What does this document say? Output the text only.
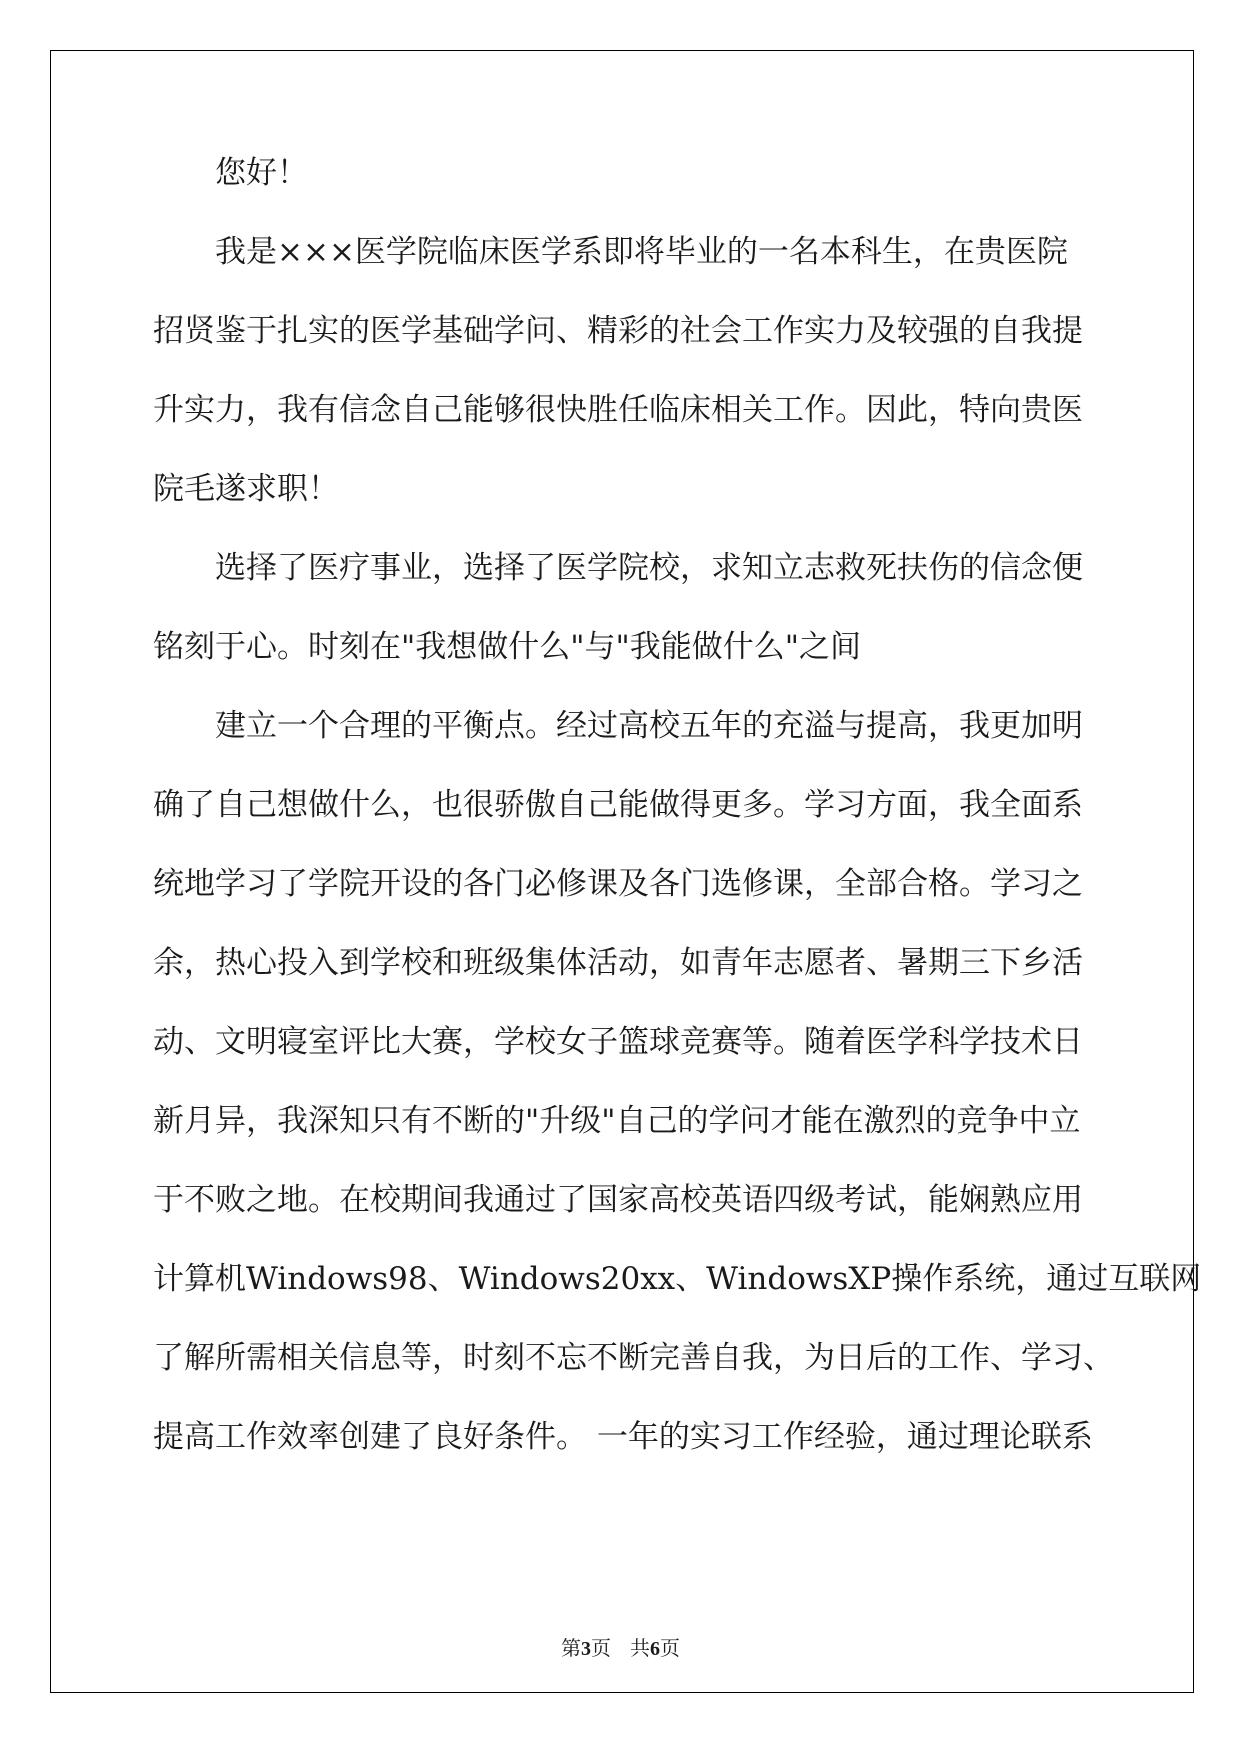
您好！
我是×××医学院临床医学系即将毕业的一名本科生，在贵医院
招贤鉴于扎实的医学基础学问、精彩的社会工作实力及较强的自我提
升实力，我有信念自己能够很快胜任临床相关工作。因此，特向贵医
院毛遂求职！
选择了医疗事业，选择了医学院校，求知立志救死扶伤的信念便
铭刻于心。时刻在"我想做什么"与"我能做什么"之间
建立一个合理的平衡点。经过高校五年的充溢与提高，我更加明
确了自己想做什么，也很骄傲自己能做得更多。学习方面，我全面系
统地学习了学院开设的各门必修课及各门选修课，全部合格。学习之
余，热心投入到学校和班级集体活动，如青年志愿者、暑期三下乡活
动、文明寝室评比大赛，学校女子篮球竞赛等。随着医学科学技术日
新月异，我深知只有不断的"升级"自己的学问才能在激烈的竞争中立
于不败之地。在校期间我通过了国家高校英语四级考试，能娴熟应用
计算机Windows98、Windows20xx、WindowsXP操作系统，通过互联网
了解所需相关信息等，时刻不忘不断完善自我，为日后的工作、学习、
提高工作效率创建了良好条件。 一年的实习工作经验，通过理论联系
第3页 共6页
